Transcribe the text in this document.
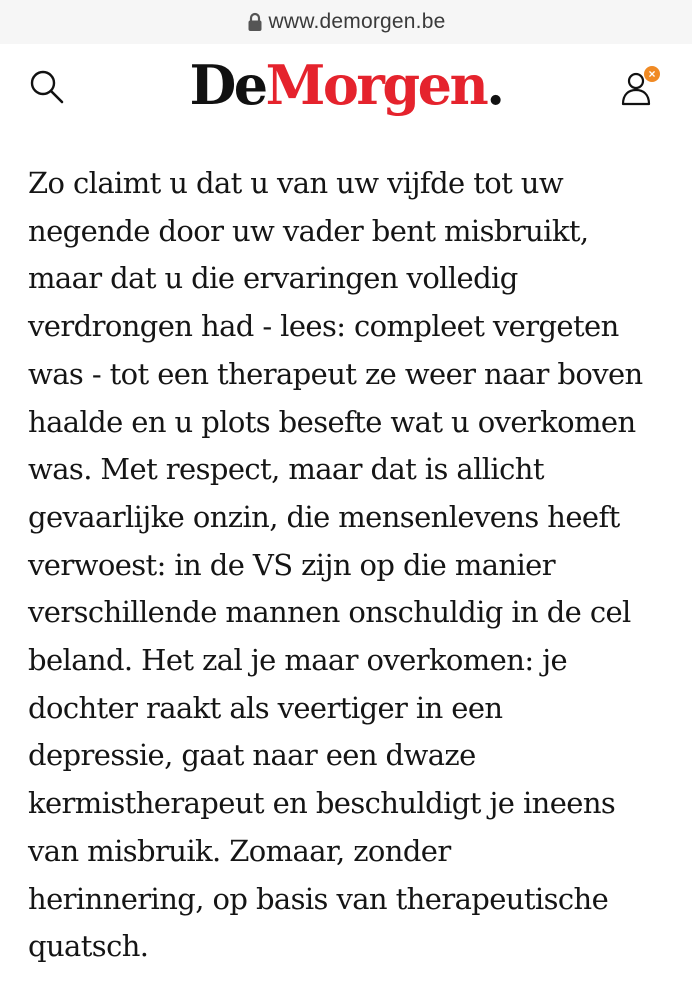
www.demorgen.be
DeMorgen.	×

Zo claimt u dat u van uw vijfde tot uw
negende door uw vader bent misbruikt,
maar dat u die ervaringen volledig
verdrongen had - lees: compleet vergeten
was - tot een therapeut ze weer naar boven
haalde en u plots besefte wat u overkomen
was. Met respect, maar dat is allicht
gevaarlijke onzin, die mensenlevens heeft
verwoest: in de VS zijn op die manier
verschillende mannen onschuldig in de cel
beland. Het zal je maar overkomen: je
dochter raakt als veertiger in een
depressie, gaat naar een dwaze
kermistherapeut en beschuldigt je ineens
van misbruik. Zomaar, zonder
herinnering, op basis van therapeutische
quatsch.
